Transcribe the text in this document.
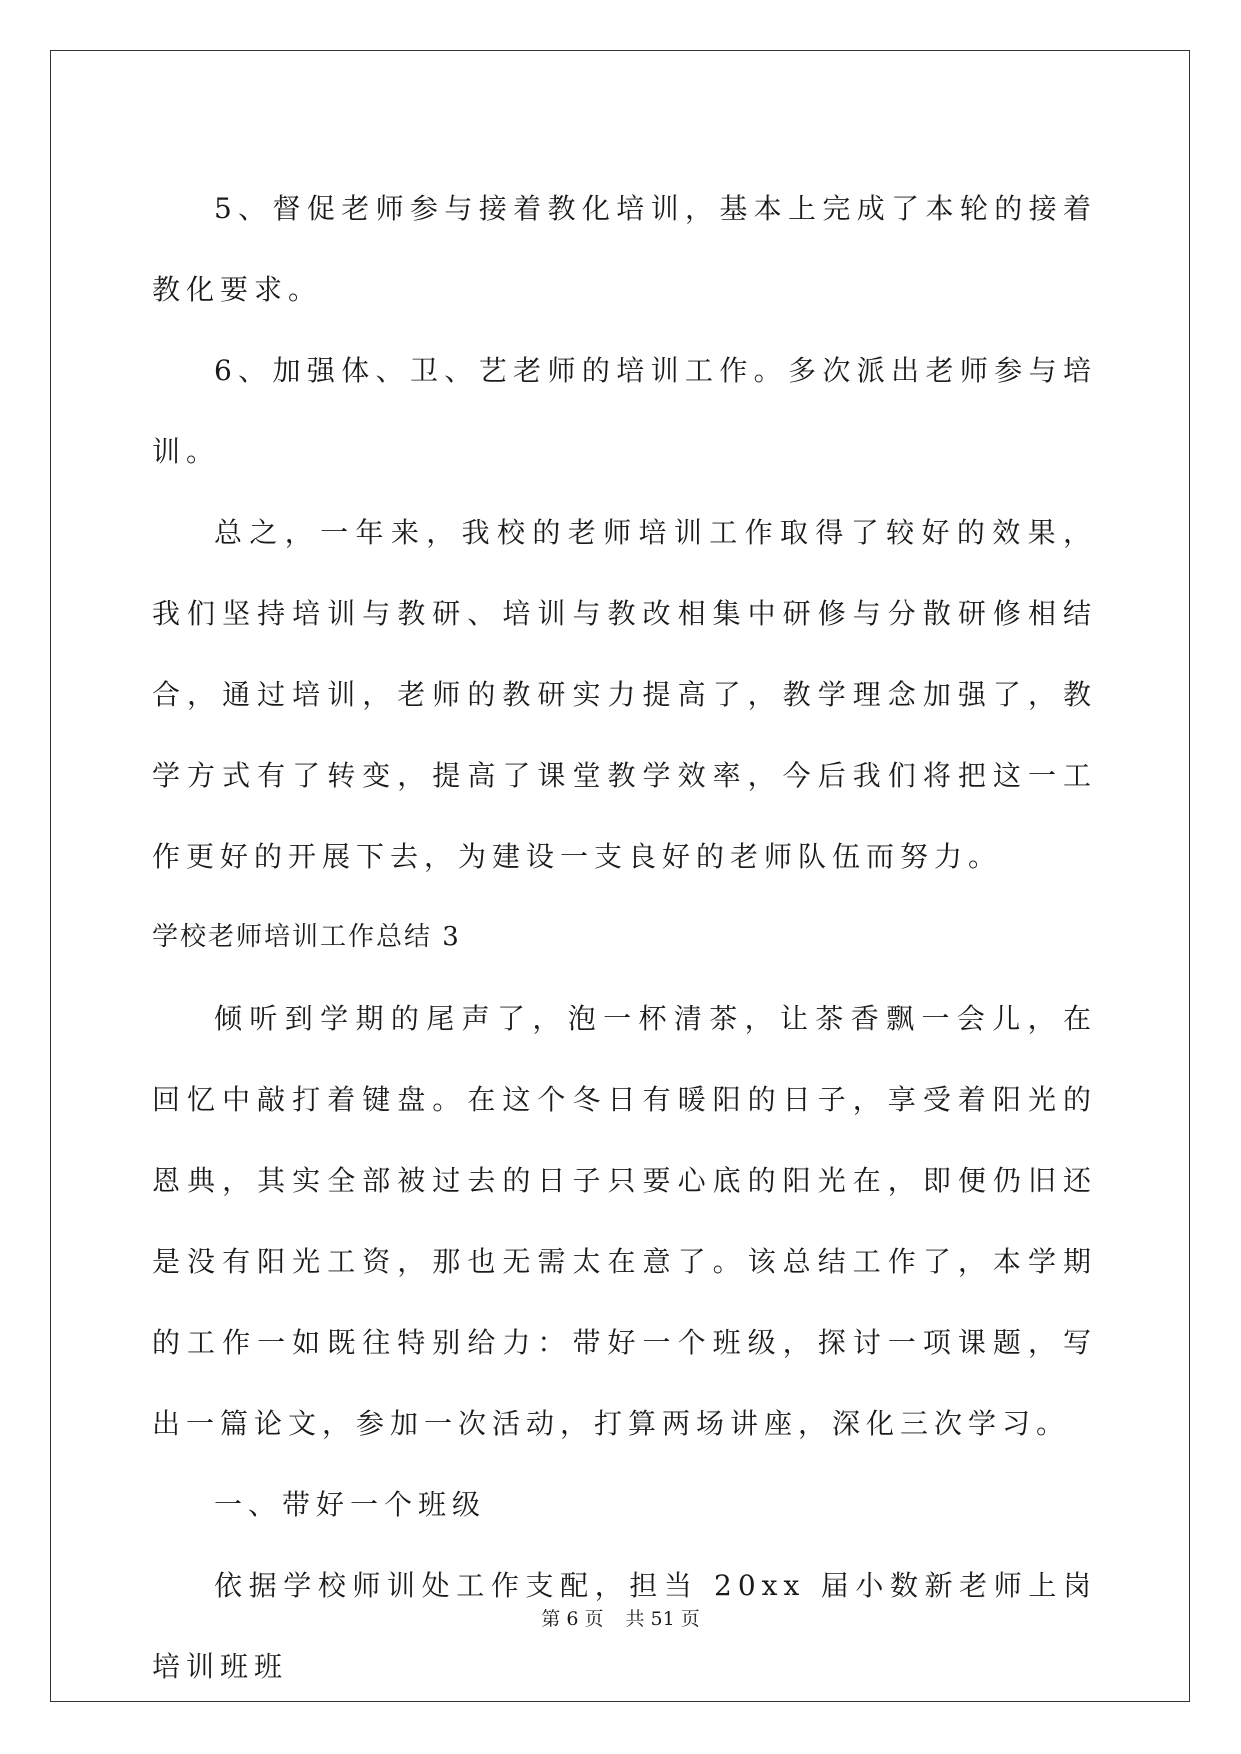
5、督促老师参与接着教化培训，基本上完成了本轮的接着教化要求。

6、加强体、卫、艺老师的培训工作。多次派出老师参与培训。

总之，一年来，我校的老师培训工作取得了较好的效果，我们坚持培训与教研、培训与教改相集中研修与分散研修相结合，通过培训，老师的教研实力提高了，教学理念加强了，教学方式有了转变，提高了课堂教学效率，今后我们将把这一工作更好的开展下去，为建设一支良好的老师队伍而努力。

学校老师培训工作总结 3

倾听到学期的尾声了，泡一杯清茶，让茶香飘一会儿，在回忆中敲打着键盘。在这个冬日有暖阳的日子，享受着阳光的恩典，其实全部被过去的日子只要心底的阳光在，即便仍旧还是没有阳光工资，那也无需太在意了。该总结工作了，本学期的工作一如既往特别给力：带好一个班级，探讨一项课题，写出一篇论文，参加一次活动，打算两场讲座，深化三次学习。

一、带好一个班级

依据学校师训处工作支配，担当 20xx 届小数新老师上岗培训班班

第 6 页 共 51 页
